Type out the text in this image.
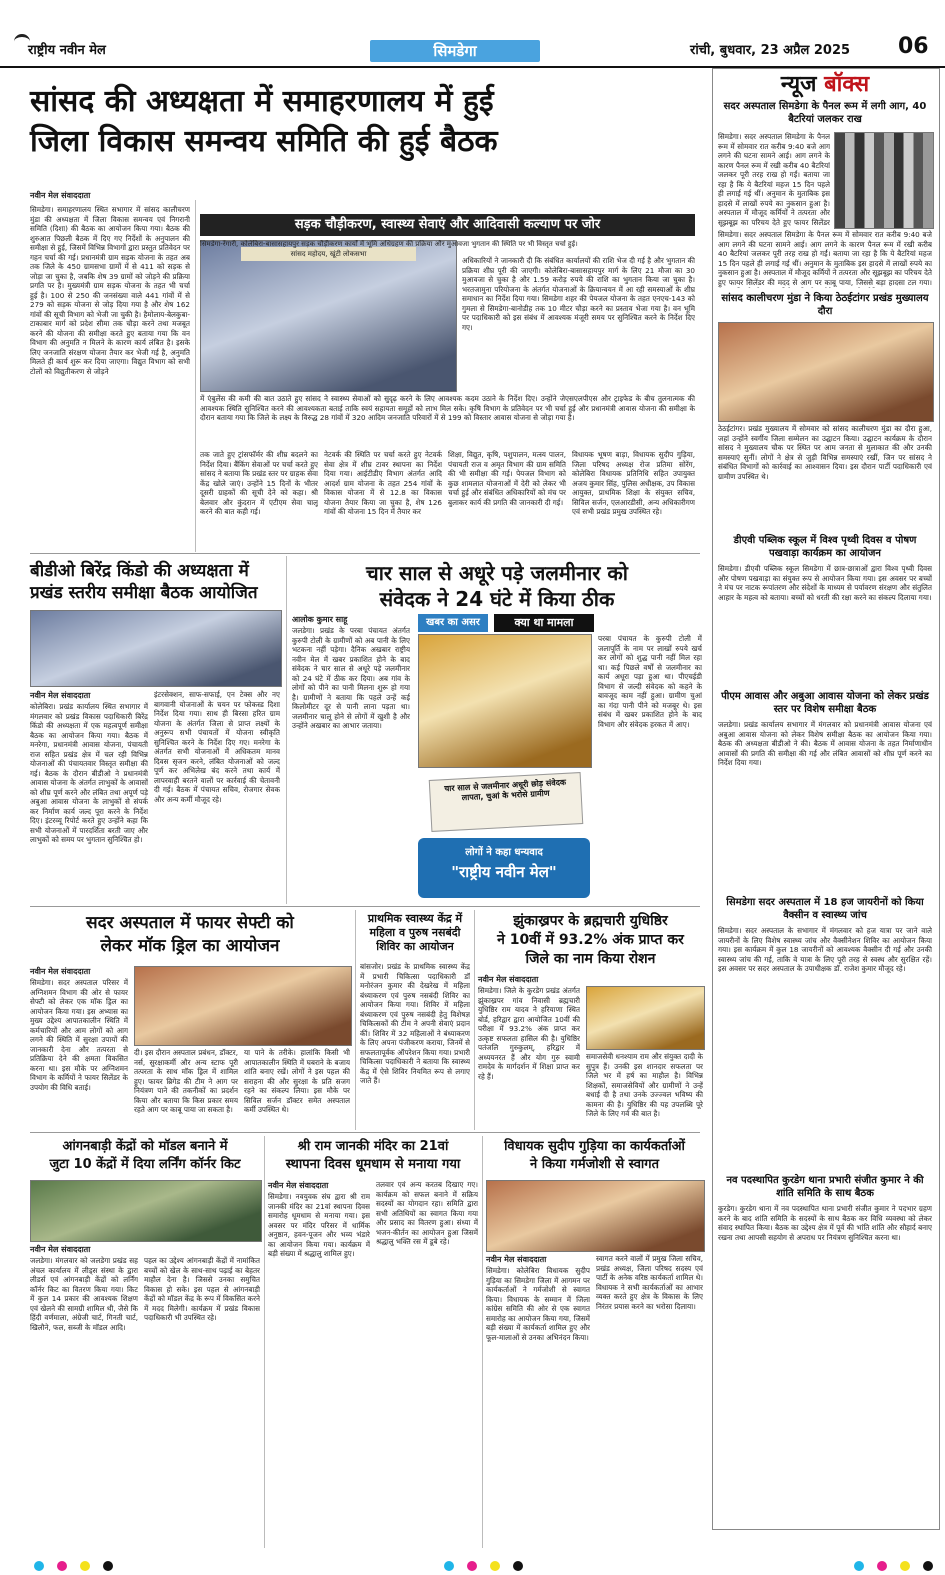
राष्ट्रीय नवीन मेल	सिमडेगा	रांची, बुधवार, 23 अप्रैल 2025 06
सांसद की अध्यक्षता में समाहरणालय में हुई
जिला विकास समन्वय समिति की हुई बैठक
नवीन मेल संवाददाता
सड़क चौड़ीकरण, स्वास्थ्य सेवाएं और आदिवासी कल्याण पर जोर
सिमडेगा। समाहरणालय स्थित सभागार में सांसद कालीचरण मुंडा की अध्यक्षता में जिला विकास समन्वय एवं निगरानी समिति (दिशा) की बैठक का आयोजन किया गया। बैठक की शुरुआत पिछली बैठक में दिए गए निर्देशों के अनुपालन की समीक्षा से हुई, जिसमें विभिन्न विभागों द्वारा प्रस्तुत प्रतिवेदन पर गहन चर्चा की गई। प्रधानमंत्री ग्राम सड़क योजना के तहत अब तक जिले के 450 ग्रामसभा ग्रामों में से 411 को सड़क से जोड़ा जा चुका है, जबकि शेष 39 ग्रामों को जोड़ने की प्रक्रिया प्रगति पर है। मुख्यमंत्री ग्राम सड़क योजना के तहत भी चर्चा हुई है। 100 से 250 की जनसंख्या वाले 441 गांवों में से 279 को सड़क योजना से जोड़ दिया गया है और शेष 162 गांवों की सूची विभाग को भेजी जा चुकी है। हैमोलाय-बेलकुबा-टाकाबार मार्ग को प्रदेश सीमा तक चौड़ा करने तथा मजबूत करने की योजना की समीक्षा करते हुए बताया गया कि वन विभाग की अनुमति न मिलने के कारण कार्य लंबित है। इसके लिए जनजाति संरक्षण योजना तैयार कर भेजी गई है, अनुमति मिलते ही कार्य शुरू कर दिया जाएगा। विद्युत विभाग को सभी टोलों को विद्युतीकरण से जोड़ने
सांसद महोदय, खूंटी लोकसभा
सिमडेगा-रेंगारी, कोलेबिरा-बासासहायपुर सड़क चौड़ीकरण कार्यों में भूमि अधिग्रहण की प्रक्रिया और मुआवजा भुगतान की स्थिति पर भी विस्तृत चर्चा हुई।
अधिकारियों ने जानकारी दी कि संबंधित कार्यालयों की राशि भेज दी गई है और भुगतान की प्रक्रिया शीघ्र पूरी की जाएगी। कोलेबिरा-बासासहायपुर मार्ग के लिए 21 मौजा का 30 मुआवजा से चुका है और 1.59 करोड़ रुपये की राशि का भुगतान किया जा चुका है। भरतजामुना परियोजना के अंतर्गत योजनाओं के क्रियान्वयन में आ रही समस्याओं के शीघ्र समाधान का निर्देश दिया गया। सिमडेगा शहर की पेयजल योजना के तहत एनएच-143 को गुमला से सिमडेगा-बानोडीह तक 10 मीटर चौड़ा करने का प्रस्ताव भेजा गया है। वन भूमि पर पदाधिकारी को इस संबंध में आवश्यक मंजूरी समय पर सुनिश्चित करने के निर्देश दिए गए।
में एंबुलेंस की कमी की बात उठाते हुए सांसद ने स्वास्थ्य सेवाओं को सुदृढ़ करने के लिए आवश्यक कदम उठाने के निर्देश दिए। उन्होंने जेएसएलपीएस और ट्राइफेड के बीच तुलनात्मक की आवश्यक स्थिति सुनिश्चित करने की आवश्यकता बताई ताकि स्वयं सहायता समूहों को लाभ मिल सके। कृषि विभाग के प्रतिवेदन पर भी चर्चा हुई और प्रधानमंत्री आवास योजना की समीक्षा के दौरान बताया गया कि जिले के लक्ष्य के विरुद्ध 28 गांवों में 320 आदिम जनजाति परिवारों में से 199 को विस्तार आवास योजना से जोड़ा गया है।
तक जाते हुए ट्रांसफॉर्मर की शीघ्र बदलने का निर्देश दिया। बैंकिंग सेवाओं पर चर्चा करते हुए सांसद ने बताया कि प्रखंड स्तर पर ग्राहक सेवा केंद्र खोले जाएं। उन्होंने 15 दिनों के भीतर दूसरी ग्राहकों की सूची देने को कहा। श्री बेलवार और कुंदरान में एटीएम सेवा चालू करने की बात कही गई।
नेटवर्क की स्थिति पर चर्चा करते हुए नेटवर्क सेवा क्षेत्र में शीघ्र टावर स्थापना का निर्देश दिया गया। आईटीडीए विभाग अंतर्गत आदि आदर्श ग्राम योजना के तहत 254 गांवों के विकास योजना में से 12.8 का विकास योजना तैयार किया जा चुका है, शेष 126 गांवों की योजना 15 दिन में तैयार कर
शिक्षा, विद्युत, कृषि, पशुपालन, मत्स्य पालन, पंचायती राज व अमृत विभाग की ग्राम समिति की भी समीक्षा की गई। पेयजल विभाग को कुछ शामलात योजनाओं में देरी को लेकर भी चर्चा हुई और संबंधित अधिकारियों को मंच पर बुलाकर कार्य की प्रगति की जानकारी दी गई।
विधायक भूषण बाड़ा, विधायक सुदीप गुड़िया, जिला परिषद अध्यक्ष रोज प्रतिमा सोरेंग, कोलेबिरा विधायक प्रतिनिधि सहित उपायुक्त अजय कुमार सिंह, पुलिस अधीक्षक, उप विकास आयुक्त, प्राथमिक शिक्षा के संयुक्त सचिव, सिविल सर्जन, एलआरडीसी, अन्य अधिकारीगण एवं सभी प्रखंड प्रमुख उपस्थित रहे।
न्यूज बॉक्स
सदर अस्पताल सिमडेगा के पैनल रूम में लगी आग, 40 बैटरियां जलकर राख
सिमडेगा। सदर अस्पताल सिमडेगा के पैनल रूम में सोमवार रात करीब 9:40 बजे आग लगने की घटना सामने आई। आग लगने के कारण पैनल रूम में रखी करीब 40 बैटरियां जलकर पूरी तरह राख हो गईं। बताया जा रहा है कि ये बैटरियां महज 15 दिन पहले ही लगाई गई थीं। अनुमान के मुताबिक इस हादसे में लाखों रुपये का नुकसान हुआ है। अस्पताल में मौजूद कर्मियों ने तत्परता और सूझबूझ का परिचय देते हुए फायर सिलेंडर
सिमडेगा। सदर अस्पताल सिमडेगा के पैनल रूम में सोमवार रात करीब 9:40 बजे आग लगने की घटना सामने आई। आग लगने के कारण पैनल रूम में रखी करीब 40 बैटरियां जलकर पूरी तरह राख हो गईं। बताया जा रहा है कि ये बैटरियां महज 15 दिन पहले ही लगाई गई थीं। अनुमान के मुताबिक इस हादसे में लाखों रुपये का नुकसान हुआ है। अस्पताल में मौजूद कर्मियों ने तत्परता और सूझबूझ का परिचय देते हुए फायर सिलेंडर की मदद से आग पर काबू पाया, जिससे बड़ा हादसा टल गया।
सांसद कालीचरण मुंडा ने किया ठेठईटांगर प्रखंड मुख्यालय दौरा
ठेठईटांगर। प्रखंड मुख्यालय में सोमवार को सांसद कालीचरण मुंडा का दौरा हुआ, जहां उन्होंने स्वर्गीय जिला सम्मेलन का उद्घाटन किया। उद्घाटन कार्यक्रम के दौरान सांसद ने मुख्यालय चौक पर स्थित पर आम जनता से मुलाकात की और उनकी समस्याएं सुनीं। लोगों ने क्षेत्र से जुड़ी विभिन्न समस्याएं रखीं, जिन पर सांसद ने संबंधित विभागों को कार्रवाई का आश्वासन दिया। इस दौरान पार्टी पदाधिकारी एवं ग्रामीण उपस्थित थे।
डीएवी पब्लिक स्कूल में विश्व पृथ्वी दिवस व पोषण पखवाड़ा कार्यक्रम का आयोजन
सिमडेगा। डीएवी पब्लिक स्कूल सिमडेगा में छात्र-छात्राओं द्वारा विश्व पृथ्वी दिवस और पोषण पखवाड़ा का संयुक्त रूप से आयोजन किया गया। इस अवसर पर बच्चों ने मंच पर नाटक रूपांतरण और संदेशों के माध्यम से पर्यावरण संरक्षण और संतुलित आहार के महत्व को बताया। बच्चों को धरती की रक्षा करने का संकल्प दिलाया गया।
पीएम आवास और अबुआ आवास योजना को लेकर प्रखंड स्तर पर विशेष समीक्षा बैठक
जलडेगा। प्रखंड कार्यालय सभागार में मंगलवार को प्रधानमंत्री आवास योजना एवं अबुआ आवास योजना को लेकर विशेष समीक्षा बैठक का आयोजन किया गया। बैठक की अध्यक्षता बीडीओ ने की। बैठक में आवास योजना के तहत निर्माणाधीन आवासों की प्रगति की समीक्षा की गई और लंबित आवासों को शीघ्र पूर्ण करने का निर्देश दिया गया।
सिमडेगा सदर अस्पताल में 18 हज जायरीनों को किया वैक्सीन व स्वास्थ्य जांच
सिमडेगा। सदर अस्पताल के सभागार में मंगलवार को हज यात्रा पर जाने वाले जायरीनों के लिए विशेष स्वास्थ्य जांच और वैक्सीनेशन शिविर का आयोजन किया गया। इस कार्यक्रम में कुल 18 जायरीनों को आवश्यक वैक्सीन दी गई और उनकी स्वास्थ्य जांच की गई, ताकि वे यात्रा के लिए पूरी तरह से स्वस्थ और सुरक्षित रहें। इस अवसर पर सदर अस्पताल के उपाधीक्षक डॉ. राजेश कुमार मौजूद रहे।
नव पदस्थापित कुरडेग थाना प्रभारी संजीत कुमार ने की शांति समिति के साथ बैठक
कुरडेग। कुरडेग थाना में नव पदस्थापित थाना प्रभारी संजीत कुमार ने पदभार ग्रहण करने के बाद शांति समिति के सदस्यों के साथ बैठक कर विधि व्यवस्था को लेकर संवाद स्थापित किया। बैठक का उद्देश्य क्षेत्र में पूर्व की भांति शांति और सौहार्द बनाए रखना तथा आपसी सहयोग से अपराध पर नियंत्रण सुनिश्चित करना था।
बीडीओ बिरेंद्र किंडो की अध्यक्षता में
प्रखंड स्तरीय समीक्षा बैठक आयोजित
नवीन मेल संवाददाता
कोलेबिरा। प्रखंड कार्यालय स्थित सभागार में मंगलवार को प्रखंड विकास पदाधिकारी बिरेंद्र किंडो की अध्यक्षता में एक महत्वपूर्ण समीक्षा बैठक का आयोजन किया गया। बैठक में मनरेगा, प्रधानमंत्री आवास योजना, पंचायती राज सहित प्रखंड क्षेत्र में चल रही विभिन्न योजनाओं की पंचायतवार विस्तृत समीक्षा की गई। बैठक के दौरान बीडीओ ने प्रधानमंत्री आवास योजना के अंतर्गत लाभुकों के आवासों को शीघ्र पूर्ण करने और लंबित तथा अपूर्ण पड़े अबुआ आवास योजना के लाभुकों से संपर्क कर निर्माण कार्य जल्द पूरा करने के निर्देश दिए। इंटरव्यू रिपोर्ट करते हुए उन्होंने कहा कि सभी योजनाओं में पारदर्शिता बरती जाए और लाभुकों को समय पर भुगतान सुनिश्चित हो।
इंटरसेक्शन, साफ-सफाई, एन टेक्स और नए बागवानी योजनाओं के चयन पर फोकस्ड दिशा निर्देश दिया गया। साथ ही बिरसा हरित ग्राम योजना के अंतर्गत जिला से प्राप्त लक्ष्यों के अनुरूप सभी पंचायतों में योजना स्वीकृति सुनिश्चित करने के निर्देश दिए गए। मनरेगा के अंतर्गत सभी योजनाओं में अधिकतम मानव दिवस सृजन करने, लंबित योजनाओं को जल्द पूर्ण कर अभिलेख बंद करने तथा कार्य में लापरवाही बरतने वालों पर कार्रवाई की चेतावनी दी गई। बैठक में पंचायत सचिव, रोजगार सेवक और अन्य कर्मी मौजूद रहे।
चार साल से अधूरे पड़े जलमीनार को
संवेदक ने 24 घंटे में किया ठीक
आलोक कुमार साहू
जलडेगा। प्रखंड के परबा पंचायत अंतर्गत कुरुपी टोली के ग्रामीणों को अब पानी के लिए भटकना नहीं पड़ेगा। दैनिक अखबार राष्ट्रीय नवीन मेल में खबर प्रकाशित होने के बाद संवेदक ने चार साल से अधूरे पड़े जलमीनार को 24 घंटे में ठीक कर दिया। अब गांव के लोगों को पीने का पानी मिलना शुरू हो गया है। ग्रामीणों ने बताया कि पहले उन्हें कई किलोमीटर दूर से पानी लाना पड़ता था। जलमीनार चालू होने से लोगों में खुशी है और उन्होंने अखबार का आभार जताया।
खबर का असर	क्या था मामला
चार साल से जलमीनार अधूरी छोड़ संवेदक लापता, चुआं के भरोसे ग्रामीण
लोगों ने कहा धन्यवाद
"राष्ट्रीय नवीन मेल"
परबा पंचायत के कुरुपी टोली में जलापूर्ति के नाम पर लाखों रुपये खर्च कर लोगों को शुद्ध पानी नहीं मिल रहा था। कई पिछले वर्षों से जलमीनार का कार्य अधूरा पड़ा हुआ था। पीएचईडी विभाग से जल्दी संवेदक को कहने के बावजूद काम नहीं हुआ। ग्रामीण चुआं का गंदा पानी पीने को मजबूर थे। इस संबंध में खबर प्रकाशित होने के बाद विभाग और संवेदक हरकत में आए।
सदर अस्पताल में फायर सेफ्टी को
लेकर मॉक ड्रिल का आयोजन
नवीन मेल संवाददाता
सिमडेगा। सदर अस्पताल परिसर में अग्निशमन विभाग की ओर से फायर सेफ्टी को लेकर एक मॉक ड्रिल का आयोजन किया गया। इस अभ्यास का मुख्य उद्देश्य आपातकालीन स्थिति में कर्मचारियों और आम लोगों को आग लगने की स्थिति में सुरक्षा उपायों की जानकारी देना और तत्परता से प्रतिक्रिया देने की क्षमता विकसित करना था। इस मौके पर अग्निशमन विभाग के कर्मियों ने फायर सिलेंडर के उपयोग की विधि बताई।
दी। इस दौरान अस्पताल प्रबंधन, डॉक्टर, नर्स, सुरक्षाकर्मी और अन्य स्टाफ पूरी तत्परता के साथ मॉक ड्रिल में शामिल हुए। फायर ब्रिगेड की टीम ने आग पर नियंत्रण पाने की तकनीकों का प्रदर्शन किया और बताया कि किस प्रकार समय रहते आग पर काबू पाया जा सकता है।
या पाने के तरीके। हालांकि किसी भी आपातकालीन स्थिति में घबराने के बजाय शांति बनाए रखें। लोगों ने इस पहल की सराहना की और सुरक्षा के प्रति सजग रहने का संकल्प लिया। इस मौके पर सिविल सर्जन डॉक्टर समेत अस्पताल कर्मी उपस्थित थे।
प्राथमिक स्वास्थ्य केंद्र में महिला व पुरुष नसबंदी शिविर का आयोजन
बांसजोर। प्रखंड के प्राथमिक स्वास्थ्य केंद्र में प्रभारी चिकित्सा पदाधिकारी डॉ मनोरंजन कुमार की देखरेख में महिला बंध्याकरण एवं पुरुष नसबंदी शिविर का आयोजन किया गया। शिविर में महिला बंध्याकरण एवं पुरुष नसबंदी हेतु विशेषज्ञ चिकित्सकों की टीम ने अपनी सेवाएं प्रदान कीं। शिविर में 32 महिलाओं ने बंध्याकरण के लिए अपना पंजीकरण कराया, जिनमें से सफलतापूर्वक ऑपरेशन किया गया। प्रभारी चिकित्सा पदाधिकारी ने बताया कि स्वास्थ्य केंद्र में ऐसे शिविर नियमित रूप से लगाए जाते हैं।
झुंकाख्रपर के ब्रह्मचारी युधिष्ठिर
ने 10वीं में 93.2% अंक प्राप्त कर
जिले का नाम किया रोशन
नवीन मेल संवाददाता
सिमडेगा। जिले के कुरडेग प्रखंड अंतर्गत झुंकाख्रपर गांव निवासी ब्रह्मचारी युधिष्ठिर राम यादव ने हरियाणा स्थित बोर्ड, हरिद्वार द्वारा आयोजित 10वीं की परीक्षा में 93.2% अंक प्राप्त कर उत्कृष्ट सफलता हासिल की है। युधिष्ठिर पतंजलि गुरुकुलम्, हरिद्वार में अध्ययनरत हैं और योग गुरु स्वामी रामदेव के मार्गदर्शन में शिक्षा प्राप्त कर रहे हैं।
समाजसेवी धनश्याम राम और संयुक्त दादी के सुपुत्र हैं। उनकी इस शानदार सफलता पर जिले भर में हर्ष का माहौल है। विभिन्न शिक्षकों, समाजसेवियों और ग्रामीणों ने उन्हें बधाई दी है तथा उनके उज्ज्वल भविष्य की कामना की है। युधिष्ठिर की यह उपलब्धि पूरे जिले के लिए गर्व की बात है।
आंगनबाड़ी केंद्रों को मॉडल बनाने में
जुटा 10 केंद्रों में दिया लर्निंग कॉर्नर किट
नवीन मेल संवाददाता
जलडेगा। मंगलवार को जलडेगा प्रखंड सह अंचल कार्यालय में लीड्स संस्था के द्वारा लीडर्स एवं आंगनबाड़ी केंद्रों को लर्निंग कॉर्नर किट का वितरण किया गया। किट में कुल 14 प्रकार की आवश्यक शिक्षण एवं खेलने की सामग्री शामिल थी, जैसे कि हिंदी वर्णमाला, अंग्रेजी चार्ट, गिनती चार्ट, खिलौने, फल, सब्जी के मॉडल आदि।
पहल का उद्देश्य आंगनबाड़ी केंद्रों में नामांकित बच्चों को खेल के साथ-साथ पढ़ाई का बेहतर माहौल देना है। जिससे उनका समुचित विकास हो सके। इस पहल से आंगनबाड़ी केंद्रों को मॉडल केंद्र के रूप में विकसित करने में मदद मिलेगी। कार्यक्रम में प्रखंड विकास पदाधिकारी भी उपस्थित रहे।
श्री राम जानकी मंदिर का 21वां
स्थापना दिवस धूमधाम से मनाया गया
नवीन मेल संवाददाता
सिमडेगा। नवयुवक संघ द्वारा श्री राम जानकी मंदिर का 21वां स्थापना दिवस समारोह धूमधाम से मनाया गया। इस अवसर पर मंदिर परिसर में धार्मिक अनुष्ठान, हवन-पूजन और भव्य भंडारे का आयोजन किया गया। कार्यक्रम में बड़ी संख्या में श्रद्धालु शामिल हुए।
तलवार एवं अन्य करतब दिखाए गए। कार्यक्रम को सफल बनाने में सक्रिय सदस्यों का योगदान रहा। समिति द्वारा सभी अतिथियों का स्वागत किया गया और प्रसाद का वितरण हुआ। संध्या में भजन-कीर्तन का आयोजन हुआ जिसमें श्रद्धालु भक्ति रस में डूबे रहे।
विधायक सुदीप गुड़िया का कार्यकर्ताओं
ने किया गर्मजोशी से स्वागत
नवीन मेल संवाददाता
सिमडेगा। कोलेबिरा विधायक सुदीप गुड़िया का सिमडेगा जिला में आगमन पर कार्यकर्ताओं ने गर्मजोशी से स्वागत किया। विधायक के सम्मान में जिला कांग्रेस समिति की ओर से एक स्वागत समारोह का आयोजन किया गया, जिसमें बड़ी संख्या में कार्यकर्ता शामिल हुए और फूल-मालाओं से उनका अभिनंदन किया।
स्वागत करने वालों में प्रमुख जिला सचिव, प्रखंड अध्यक्ष, जिला परिषद सदस्य एवं पार्टी के अनेक वरिष्ठ कार्यकर्ता शामिल थे। विधायक ने सभी कार्यकर्ताओं का आभार व्यक्त करते हुए क्षेत्र के विकास के लिए निरंतर प्रयास करने का भरोसा दिलाया।
